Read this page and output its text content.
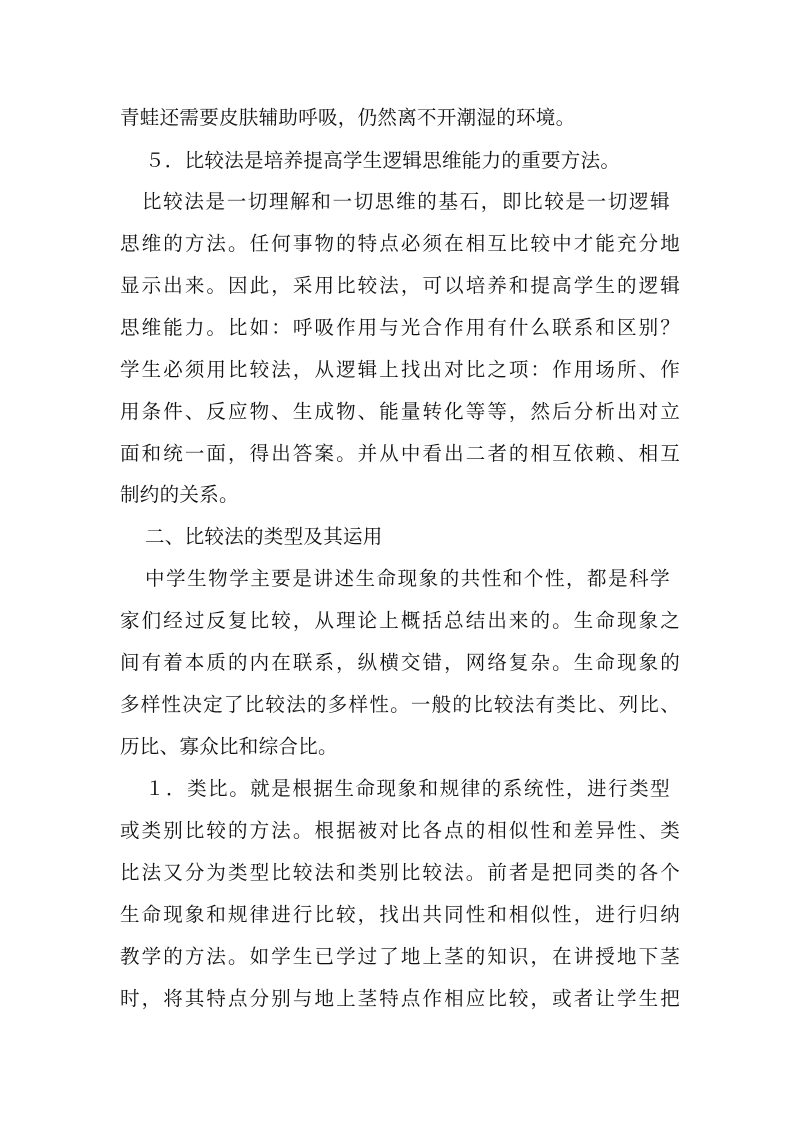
青蛙还需要皮肤辅助呼吸，仍然离不开潮湿的环境。
５．比较法是培养提高学生逻辑思维能力的重要方法。
比较法是一切理解和一切思维的基石，即比较是一切逻辑
思维的方法。任何事物的特点必须在相互比较中才能充分地
显示出来。因此，采用比较法，可以培养和提高学生的逻辑
思维能力。比如：呼吸作用与光合作用有什么联系和区别？
学生必须用比较法，从逻辑上找出对比之项：作用场所、作
用条件、反应物、生成物、能量转化等等，然后分析出对立
面和统一面，得出答案。并从中看出二者的相互依赖、相互
制约的关系。
二、比较法的类型及其运用
中学生物学主要是讲述生命现象的共性和个性，都是科学
家们经过反复比较，从理论上概括总结出来的。生命现象之
间有着本质的内在联系，纵横交错，网络复杂。生命现象的
多样性决定了比较法的多样性。一般的比较法有类比、列比、
历比、寡众比和综合比。
１．类比。就是根据生命现象和规律的系统性，进行类型
或类别比较的方法。根据被对比各点的相似性和差异性、类
比法又分为类型比较法和类别比较法。前者是把同类的各个
生命现象和规律进行比较，找出共同性和相似性，进行归纳
教学的方法。如学生已学过了地上茎的知识，在讲授地下茎
时，将其特点分别与地上茎特点作相应比较，或者让学生把
